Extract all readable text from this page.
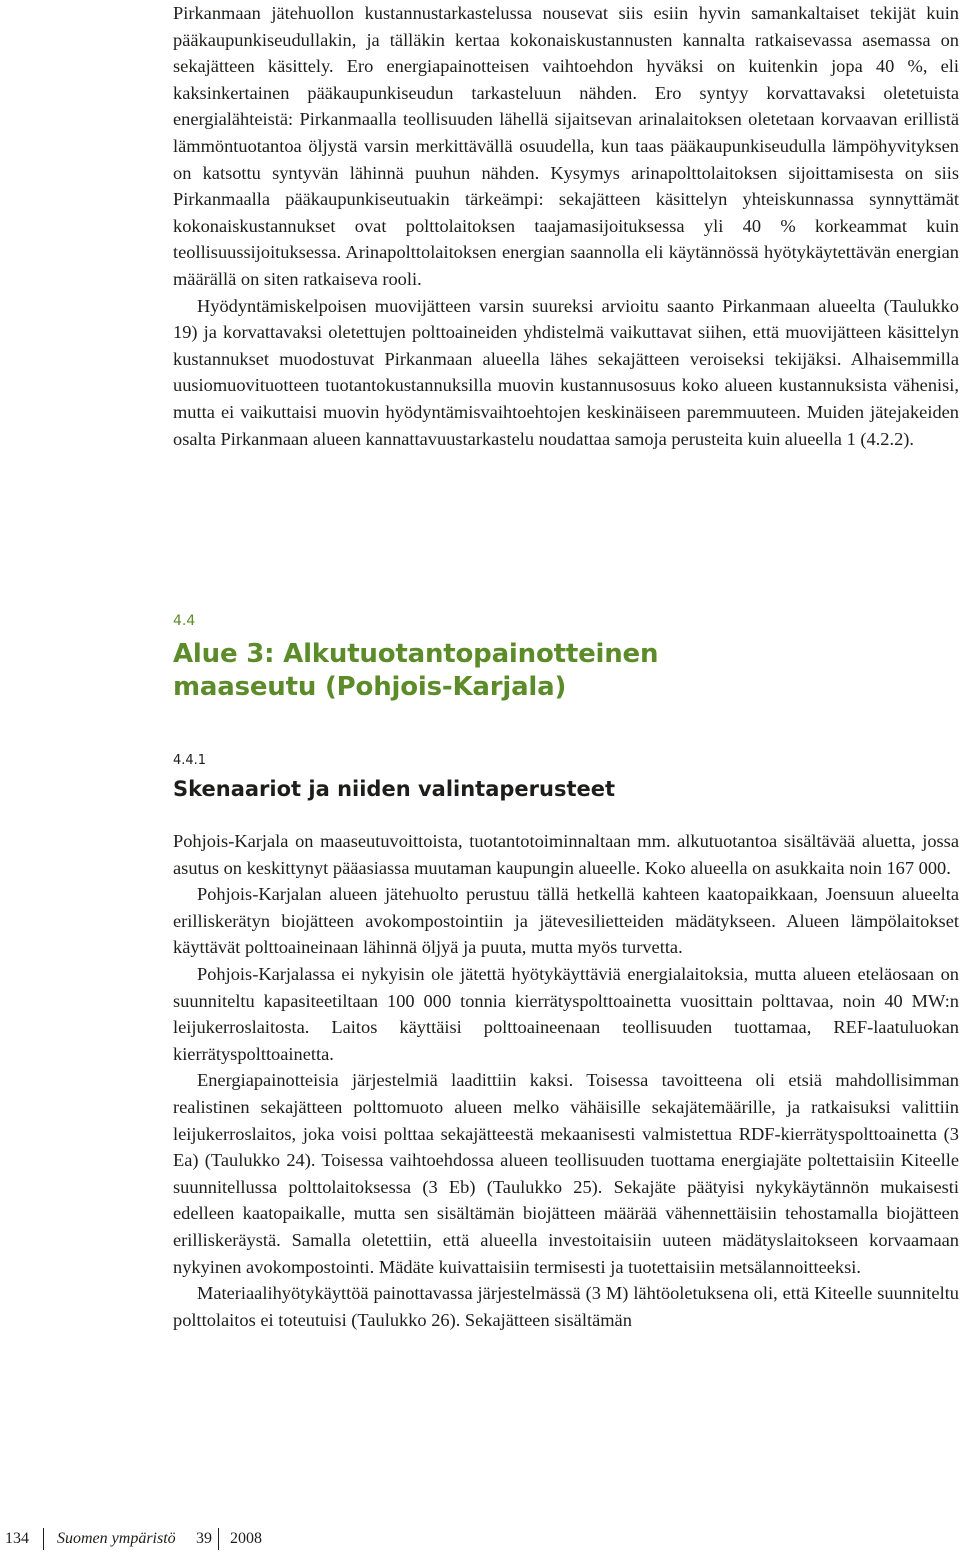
Pirkanmaan jätehuollon kustannustarkastelussa nousevat siis esiin hyvin samankaltaiset tekijät kuin pääkaupunkiseudullakin, ja tälläkin kertaa kokonaiskustannusten kannalta ratkaisevassa asemassa on sekajätteen käsittely. Ero energiapainotteisen vaihtoehdon hyväksi on kuitenkin jopa 40 %, eli kaksinkertainen pääkaupunkiseudun tarkasteluun nähden. Ero syntyy korvattavaksi oletetuista energialähteistä: Pirkanmaalla teollisuuden lähellä sijaitsevan arinalaitoksen oletetaan korvaavan erillistä lämmöntuotantoa öljystä varsin merkittävällä osuudella, kun taas pääkaupunkiseudulla lämpöhyvityksen on katsottu syntyvän lähinnä puuhun nähden. Kysymys arinapolttolaitoksen sijoittamisesta on siis Pirkanmaalla pääkaupunkiseutuakin tärkeämpi: sekajätteen käsittelyn yhteiskunnassa synnyttämät kokonaiskustannukset ovat polttolaitoksen taajamasijoituksessa yli 40 % korkeammat kuin teollisuussijoituksessa. Arinapolttolaitoksen energian saannolla eli käytännössä hyötykäytettävän energian määrällä on siten ratkaiseva rooli.

Hyödyntämiskelpoisen muovijätteen varsin suureksi arvioitu saanto Pirkanmaan alueelta (Taulukko 19) ja korvattavaksi oletettujen polttoaineiden yhdistelmä vaikuttavat siihen, että muovijätteen käsittelyn kustannukset muodostuvat Pirkanmaan alueella lähes sekajätteen veroiseksi tekijäksi. Alhaisemmilla uusiomuovituotteen tuotantokustannuksilla muovin kustannusosuus koko alueen kustannuksista vähenisi, mutta ei vaikuttaisi muovin hyödyntämisvaihtoehtojen keskinäiseen paremmuuteen. Muiden jätejakeiden osalta Pirkanmaan alueen kannattavuustarkastelu noudattaa samoja perusteita kuin alueella 1 (4.2.2).

4.4

Alue 3: Alkutuotantopainotteinen
maaseutu (Pohjois-Karjala)

4.4.1

Skenaariot ja niiden valintaperusteet

Pohjois-Karjala on maaseutuvoittoista, tuotantotoiminnaltaan mm. alkutuotantoa sisältävää aluetta, jossa asutus on keskittynyt pääasiassa muutaman kaupungin alueelle. Koko alueella on asukkaita noin 167 000.

Pohjois-Karjalan alueen jätehuolto perustuu tällä hetkellä kahteen kaatopaikkaan, Joensuun alueelta erilliskerätyn biojätteen avokompostointiin ja jätevesilietteiden mädätykseen. Alueen lämpölaitokset käyttävät polttoaineinaan lähinnä öljyä ja puuta, mutta myös turvetta.

Pohjois-Karjalassa ei nykyisin ole jätettä hyötykäyttäviä energialaitoksia, mutta alueen eteläosaan on suunniteltu kapasiteetiltaan 100 000 tonnia kierrätyspolttoainetta vuosittain polttavaa, noin 40 MW:n leijukerroslaitosta. Laitos käyttäisi polttoaineenaan teollisuuden tuottamaa, REF-laatuluokan kierrätyspolttoainetta.

Energiapainotteisia järjestelmiä laadittiin kaksi. Toisessa tavoitteena oli etsiä mahdollisimman realistinen sekajätteen polttomuoto alueen melko vähäisille sekajätemäärille, ja ratkaisuksi valittiin leijukerroslaitos, joka voisi polttaa sekajätteestä mekaanisesti valmistettua RDF-kierrätyspolttoainetta (3 Ea) (Taulukko 24). Toisessa vaihtoehdossa alueen teollisuuden tuottama energiajäte poltettaisiin Kiteelle suunnitellussa polttolaitoksessa (3 Eb) (Taulukko 25). Sekajäte päätyisi nykykäytännön mukaisesti edelleen kaatopaikalle, mutta sen sisältämän biojätteen määrää vähennettäisiin tehostamalla biojätteen erilliskeräystä. Samalla oletettiin, että alueella investoitaisiin uuteen mädätyslaitokseen korvaamaan nykyinen avokompostointi. Mädäte kuivattaisiin termisesti ja tuotettaisiin metsälannoitteeksi.

Materiaalihyötykäyttöä painottavassa järjestelmässä (3 M) lähtöoletuksena oli, että Kiteelle suunniteltu polttolaitos ei toteutuisi (Taulukko 26). Sekajätteen sisältämän

134 Suomen ympäristö 39 2008
